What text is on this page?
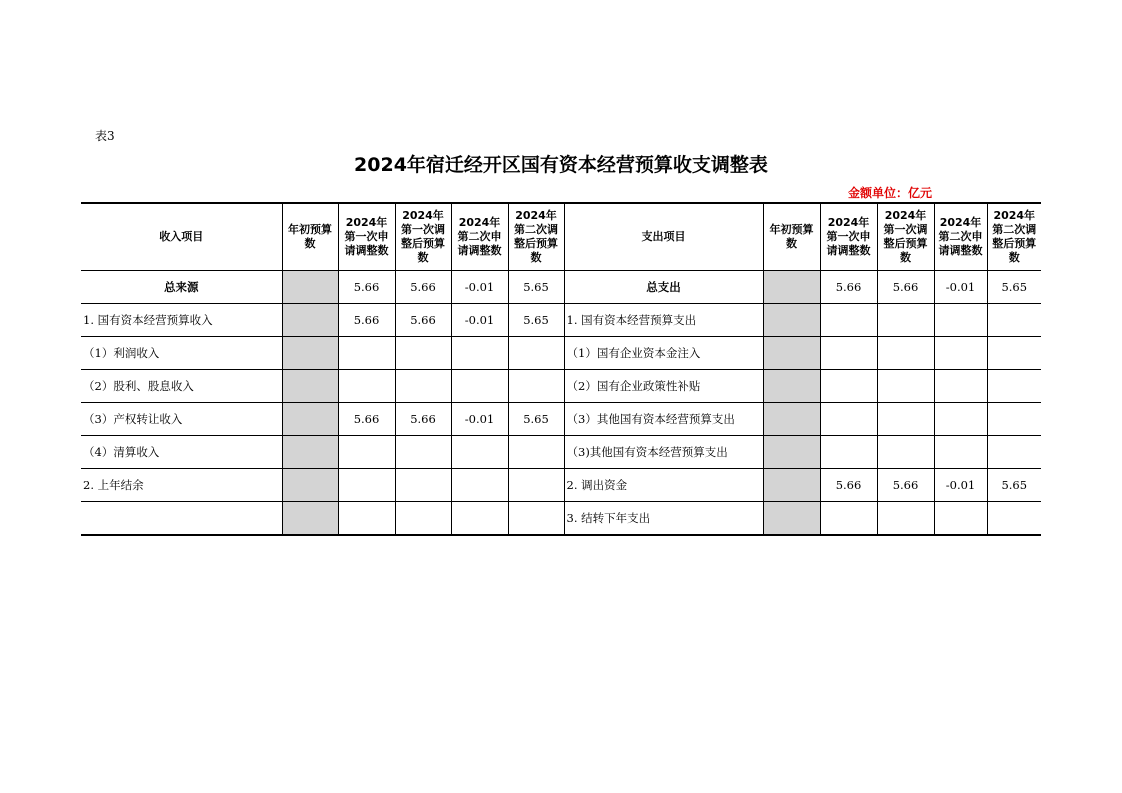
表3
2024年宿迁经开区国有资本经营预算收支调整表
金额单位：亿元
收入项目	年初预算数	2024年第一次申请调整数	2024年第一次调整后预算数	2024年第二次申请调整数	2024年第二次调整后预算数	支出项目	年初预算数	2024年第一次申请调整数	2024年第一次调整后预算数	2024年第二次申请调整数	2024年第二次调整后预算数
总来源		5.66	5.66	-0.01	5.65	总支出		5.66	5.66	-0.01	5.65
1. 国有资本经营预算收入		5.66	5.66	-0.01	5.65	1. 国有资本经营预算支出					
（1）利润收入						（1）国有企业资本金注入					
（2）股利、股息收入						（2）国有企业政策性补贴					
（3）产权转让收入		5.66	5.66	-0.01	5.65	（3）其他国有资本经营预算支出					
（4）清算收入						（3)其他国有资本经营预算支出					
2. 上年结余						2. 调出资金		5.66	5.66	-0.01	5.65
						3. 结转下年支出					
